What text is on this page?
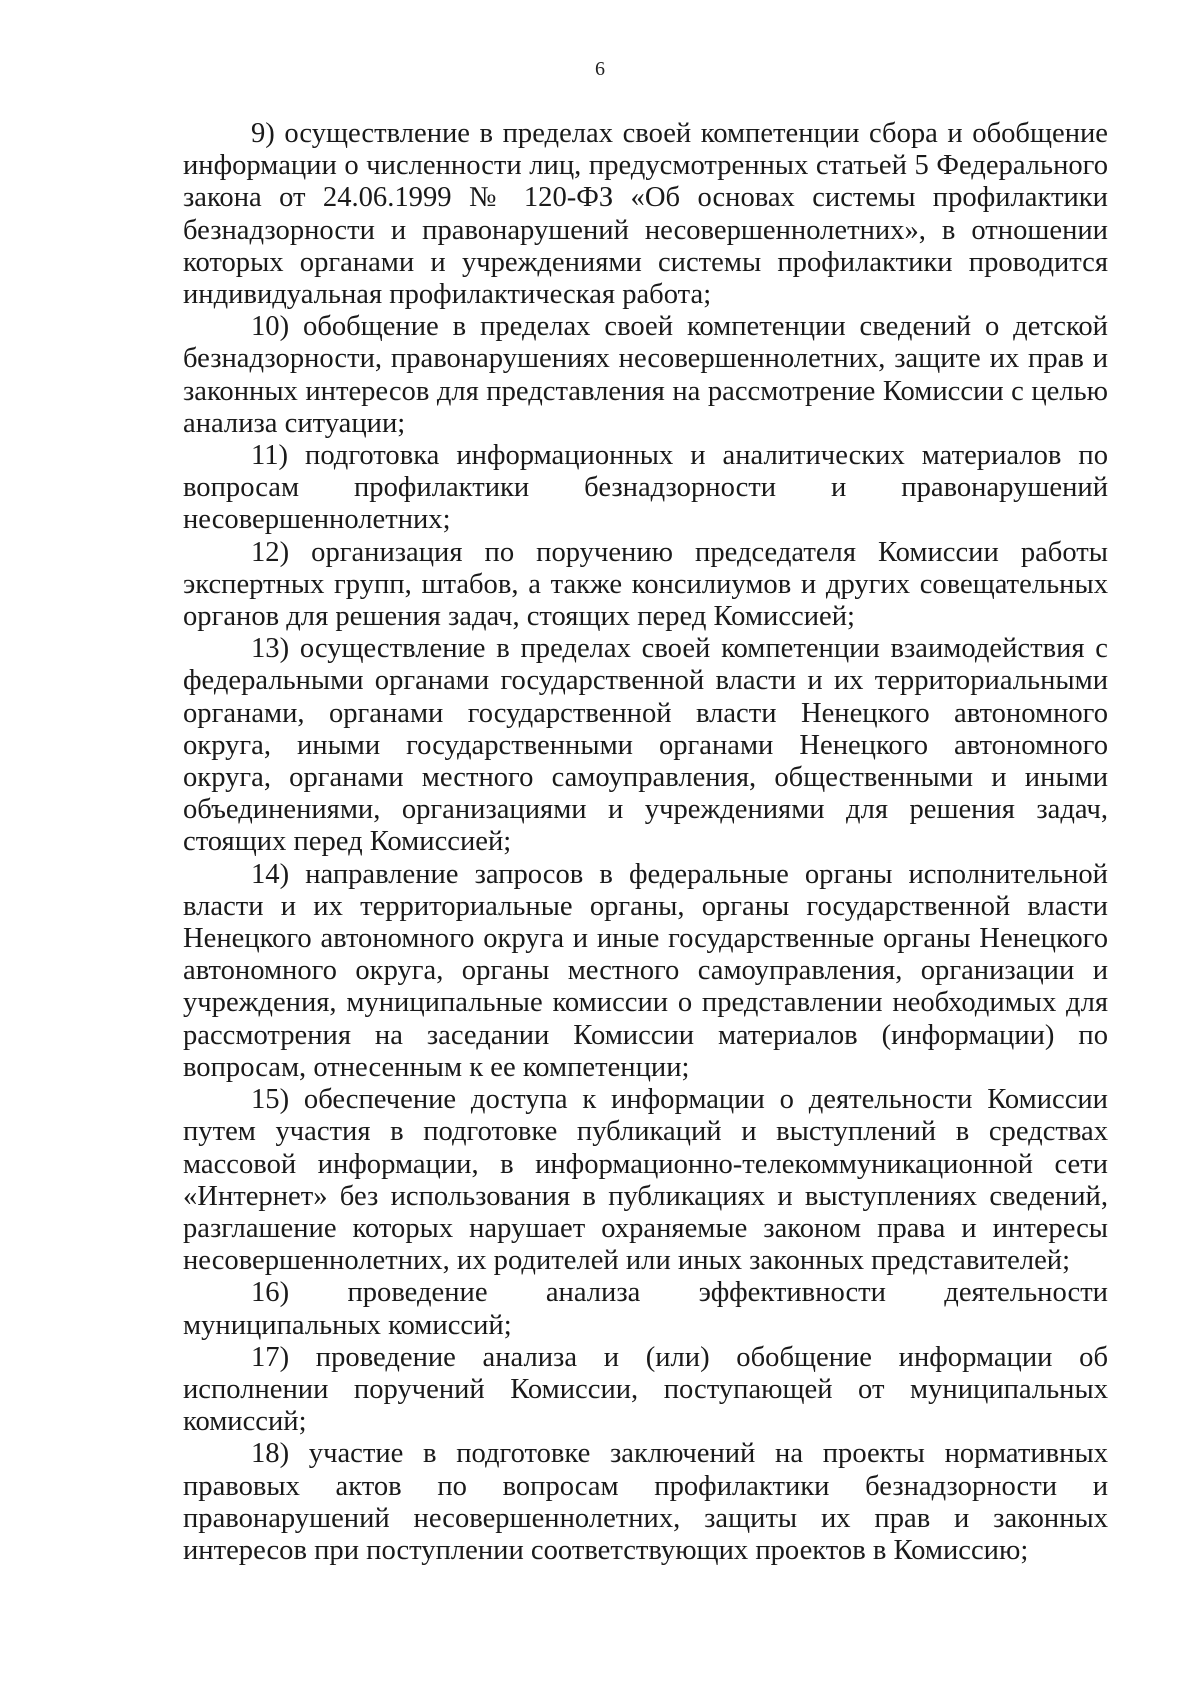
6

9) осуществление в пределах своей компетенции сбора и обобщение информации о численности лиц, предусмотренных статьей 5 Федерального закона от 24.06.1999 № 120-ФЗ «Об основах системы профилактики безнадзорности и правонарушений несовершеннолетних», в отношении которых органами и учреждениями системы профилактики проводится индивидуальная профилактическая работа;

10) обобщение в пределах своей компетенции сведений о детской безнадзорности, правонарушениях несовершеннолетних, защите их прав и законных интересов для представления на рассмотрение Комиссии с целью анализа ситуации;

11) подготовка информационных и аналитических материалов по вопросам профилактики безнадзорности и правонарушений несовершеннолетних;

12) организация по поручению председателя Комиссии работы экспертных групп, штабов, а также консилиумов и других совещательных органов для решения задач, стоящих перед Комиссией;

13) осуществление в пределах своей компетенции взаимодействия с федеральными органами государственной власти и их территориальными органами, органами государственной власти Ненецкого автономного округа, иными государственными органами Ненецкого автономного округа, органами местного самоуправления, общественными и иными объединениями, организациями и учреждениями для решения задач, стоящих перед Комиссией;

14) направление запросов в федеральные органы исполнительной власти и их территориальные органы, органы государственной власти Ненецкого автономного округа и иные государственные органы Ненецкого автономного округа, органы местного самоуправления, организации и учреждения, муниципальные комиссии о представлении необходимых для рассмотрения на заседании Комиссии материалов (информации) по вопросам, отнесенным к ее компетенции;

15) обеспечение доступа к информации о деятельности Комиссии путем участия в подготовке публикаций и выступлений в средствах массовой информации, в информационно-телекоммуникационной сети «Интернет» без использования в публикациях и выступлениях сведений, разглашение которых нарушает охраняемые законом права и интересы несовершеннолетних, их родителей или иных законных представителей;

16) проведение анализа эффективности деятельности муниципальных комиссий;

17) проведение анализа и (или) обобщение информации об исполнении поручений Комиссии, поступающей от муниципальных комиссий;

18) участие в подготовке заключений на проекты нормативных правовых актов по вопросам профилактики безнадзорности и правонарушений несовершеннолетних, защиты их прав и законных интересов при поступлении соответствующих проектов в Комиссию;
